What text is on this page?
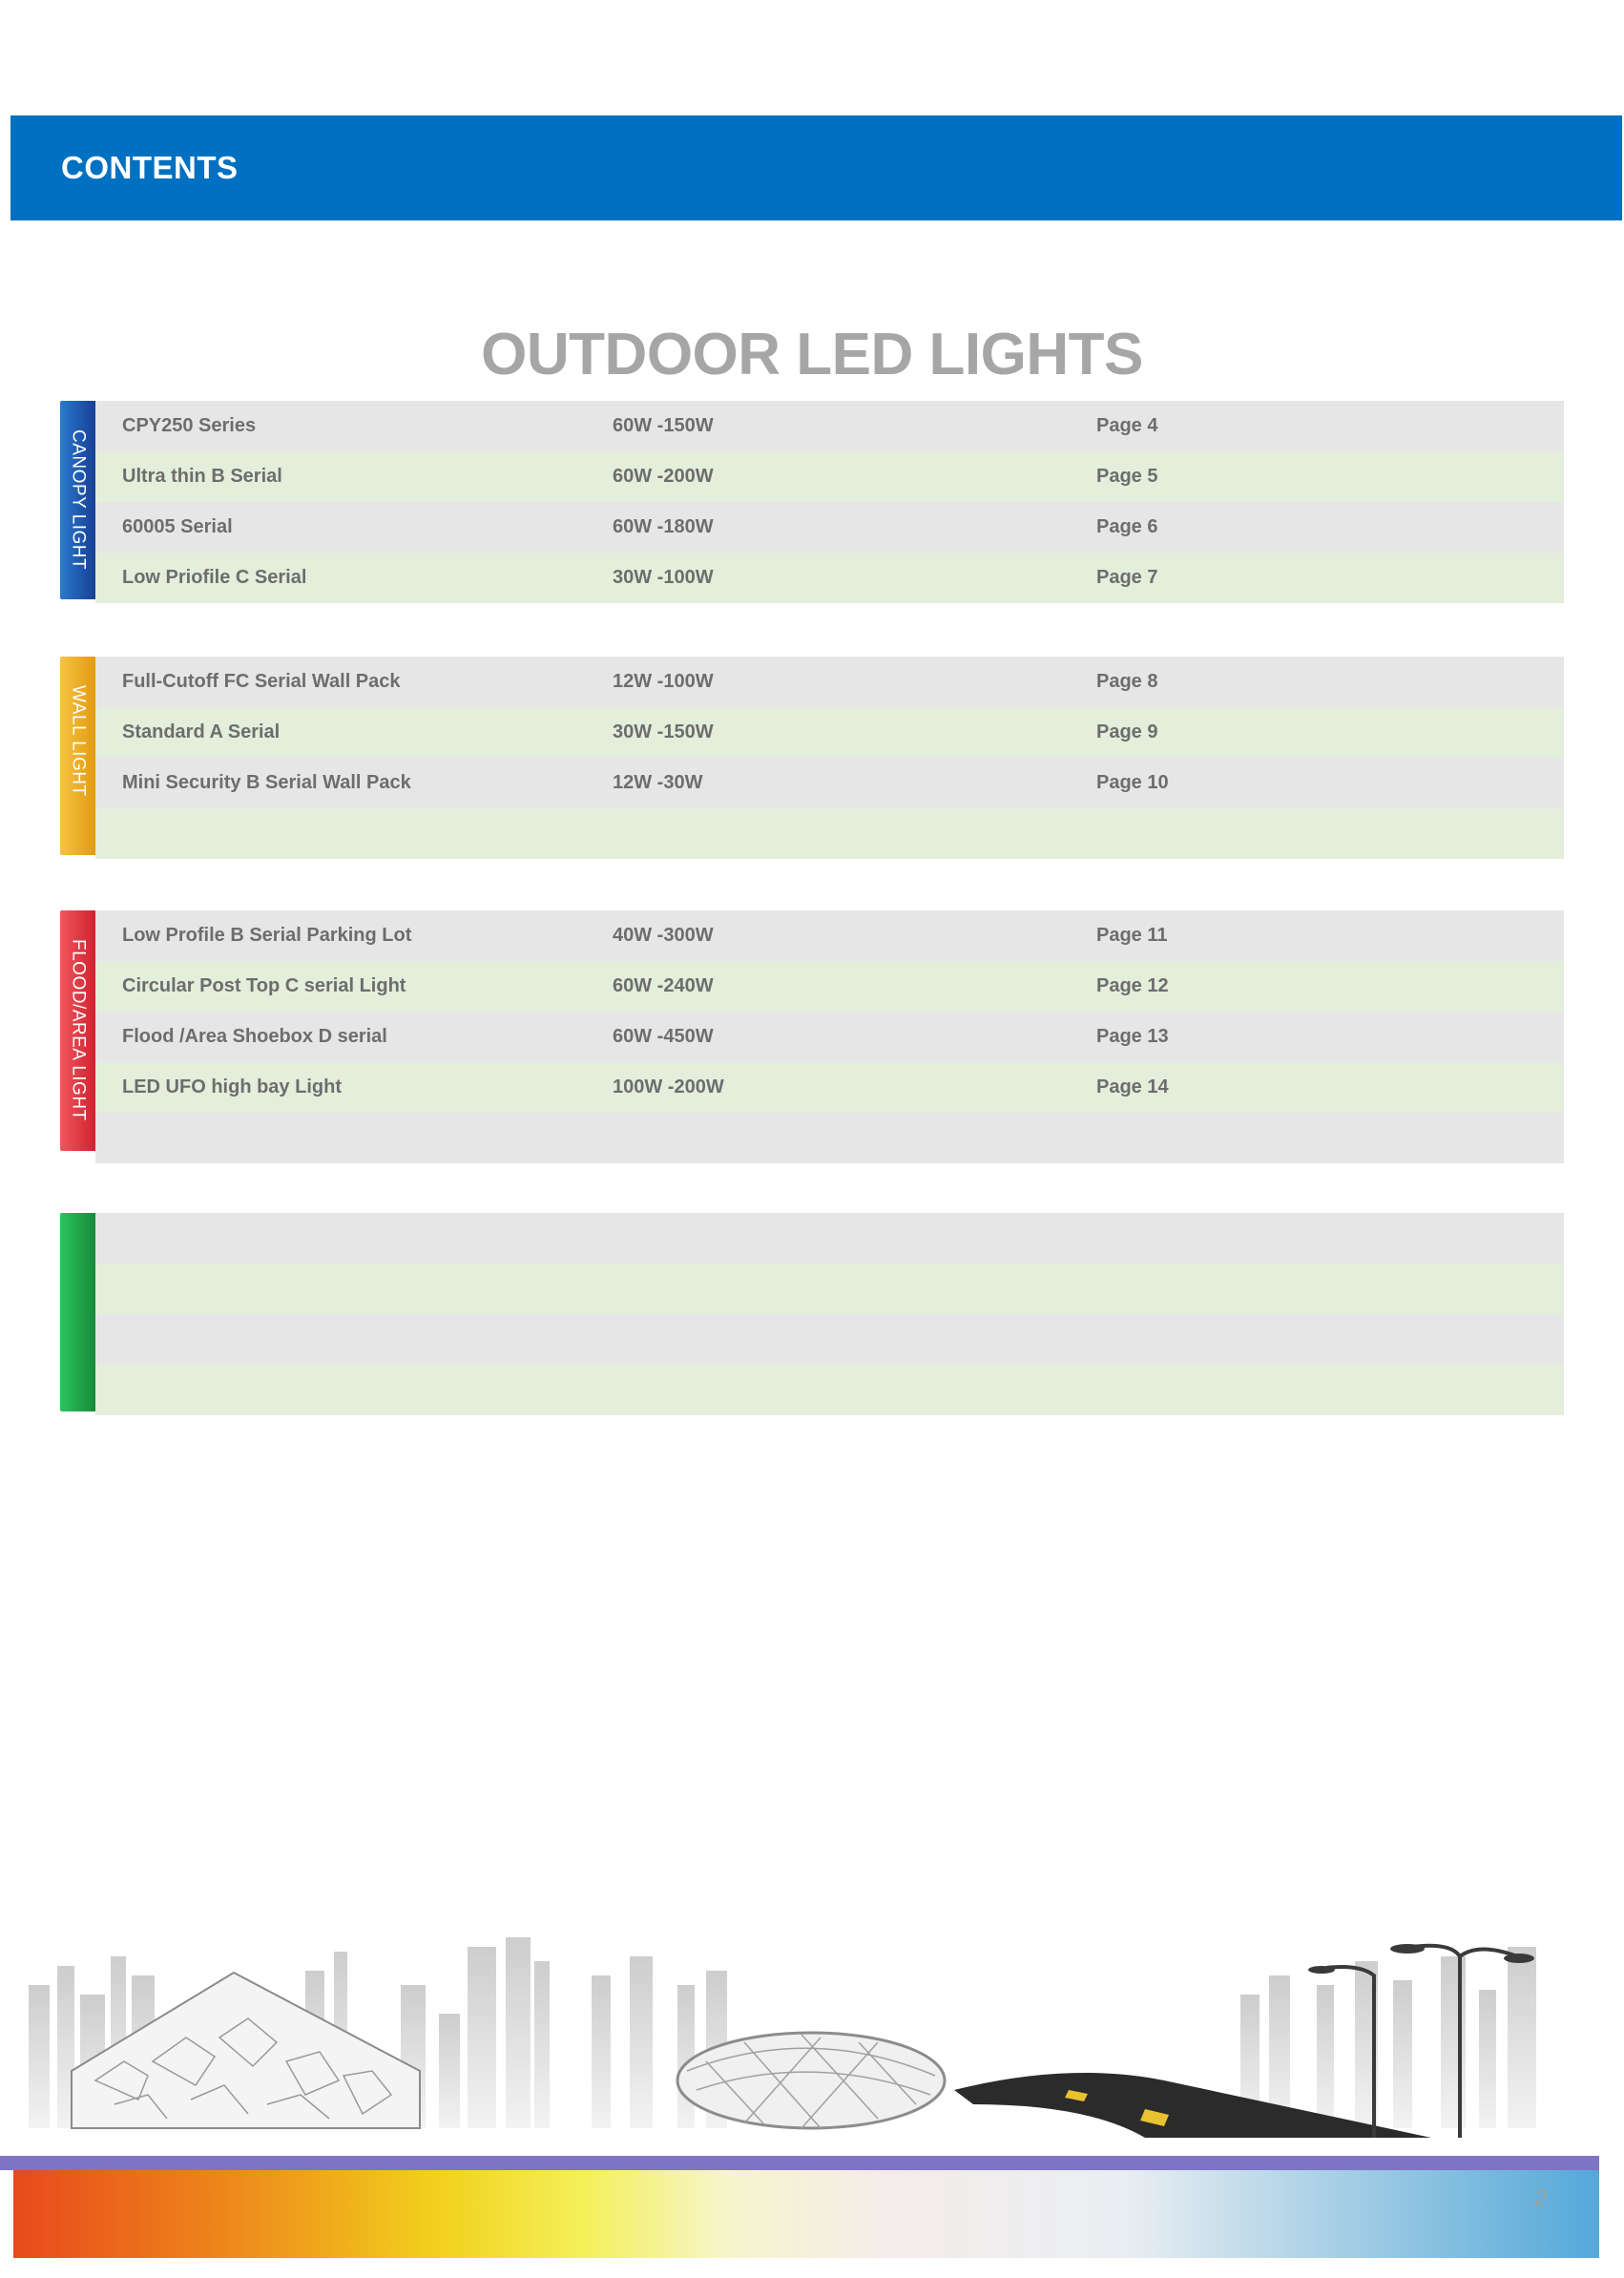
CONTENTS
OUTDOOR LED LIGHTS
CANOPY LIGHT
CPY250 Series	60W -150W	Page 4
Ultra thin B Serial	60W -200W	Page 5
60005 Serial	60W -180W	Page 6
Low Priofile C Serial	30W -100W	Page 7
WALL LIGHT
Full-Cutoff FC Serial Wall Pack	12W -100W	Page 8
Standard A Serial	30W -150W	Page 9
Mini Security B Serial Wall Pack	12W -30W	Page 10
FLOOD/AREA LIGHT
Low Profile B Serial Parking Lot	40W -300W	Page 11
Circular Post Top C serial Light	60W -240W	Page 12
Flood /Area Shoebox D serial	60W -450W	Page 13
LED UFO high bay Light	100W -200W	Page 14
2
